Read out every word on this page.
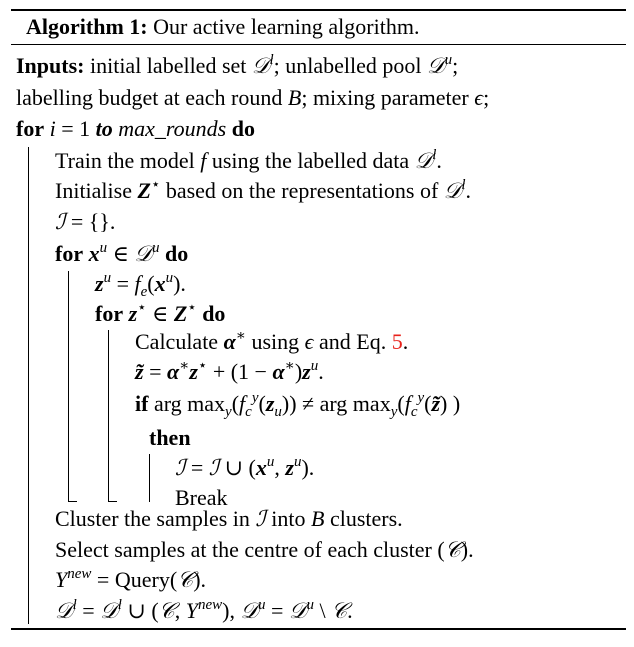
Algorithm 1: Our active learning algorithm.
Inputs: initial labelled set 𝒟$^l$; unlabelled pool 𝒟$^u$;
labelling budget at each round B; mixing parameter ϵ;
for i = 1 to max_rounds do
Train the model f using the labelled data 𝒟$^l$.
Initialise Z⋆ based on the representations of 𝒟$^l$.
ℐ = {}.
for $x^u$ ∈ 𝒟$^u$ do
$z^u = f_e(x^u)$.
for z⋆ ∈ Z⋆ do
Calculate α∗ using ϵ and Eq. 5.
z̃ = $\alpha^∗z^⋆ + (1 - \alpha^∗)z^u$.
if arg $\max_y(f_c^y(z_u))$ ≠ arg $\max_y(f_c^y(z̃)$ )
then
ℐ = ℐ ∪ ($x^u$, $z^u$).
Break
Cluster the samples in ℐ into B clusters.
Select samples at the centre of each cluster (𝒞).
$Y^{new}$ = Query(𝒞).
𝒟$^l$ = 𝒟$^l$ ∪ (𝒞, $Y^{new}$), 𝒟$^u$ = 𝒟$^u$ \ 𝒞.
